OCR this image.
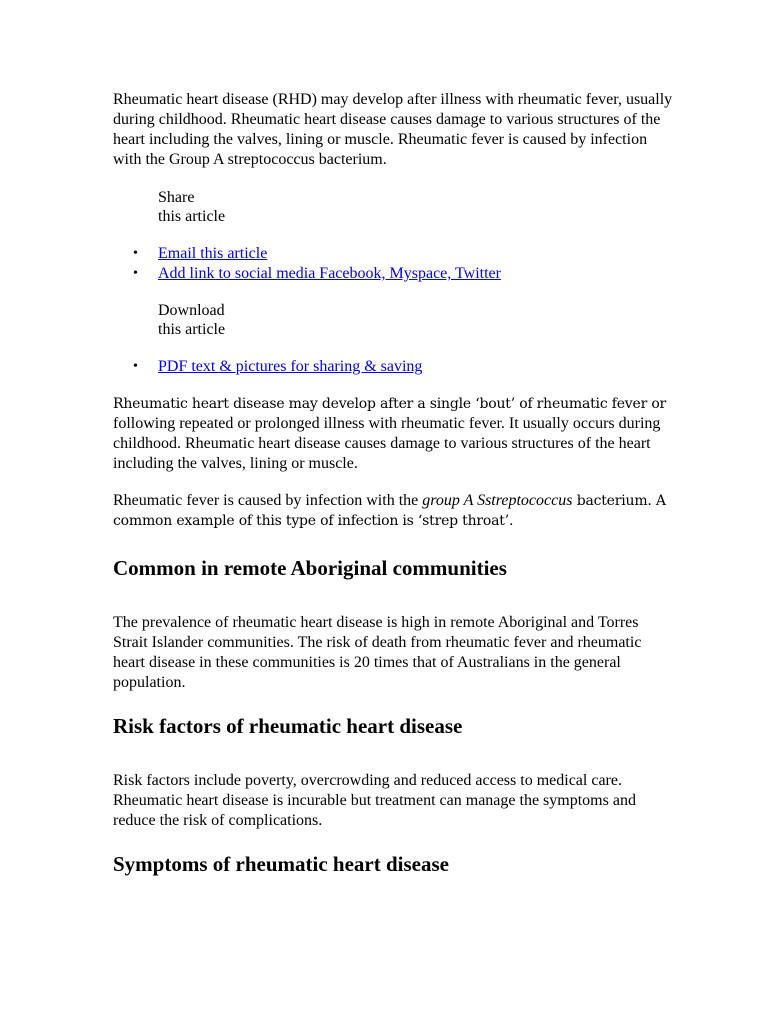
Rheumatic heart disease (RHD) may develop after illness with rheumatic fever, usually during childhood. Rheumatic heart disease causes damage to various structures of the heart including the valves, lining or muscle. Rheumatic fever is caused by infection with the Group A streptococcus bacterium.

Share
this article
• Email this article
• Add link to social media Facebook, Myspace, Twitter
Download
this article
• PDF text & pictures for sharing & saving

Rheumatic heart disease may develop after a single ‘bout’ of rheumatic fever or following repeated or prolonged illness with rheumatic fever. It usually occurs during childhood. Rheumatic heart disease causes damage to various structures of the heart including the valves, lining or muscle.

Rheumatic fever is caused by infection with the group A Sstreptococcus bacterium. A common example of this type of infection is ‘strep throat’.

Common in remote Aboriginal communities

The prevalence of rheumatic heart disease is high in remote Aboriginal and Torres Strait Islander communities. The risk of death from rheumatic fever and rheumatic heart disease in these communities is 20 times that of Australians in the general population.

Risk factors of rheumatic heart disease

Risk factors include poverty, overcrowding and reduced access to medical care. Rheumatic heart disease is incurable but treatment can manage the symptoms and reduce the risk of complications.

Symptoms of rheumatic heart disease
